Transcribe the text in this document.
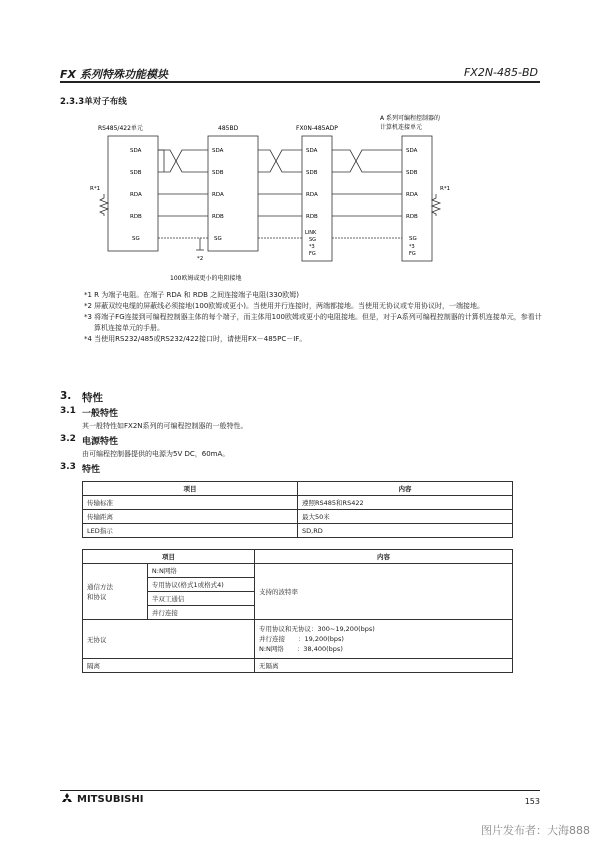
FX 系列特殊功能模块	FX2N-485-BD
2.3.3单对子布线
RS485/422单元	485BD	FX0N-485ADP
A 系列可编程控制器的
计算机连接单元
SDA
SDB
RDA
RDB
SG
SDA
SDB
RDA
RDB
SG
SDA
SDB
RDA
RDB
LINK
SG
*3
FG
SDA
SDB
RDA
RDB
SG
*3
FG
R*1	R*1
*2
100欧姆或更小的电阻接地

*1 R 为端子电阻。在端子 RDA 和 RDB 之间连接端子电阻(330欧姆)

*2 屏蔽双绞电缆的屏蔽线必须接地(100欧姆或更小)。当使用并行连接时，两端都接地。当使用无协议或专用协议时，一端接地。

*3 将端子FG连接到可编程控制器主体的每个端子，而主体用100欧姆或更小的电阻接地。但是，对于A系列可编程控制器的计算机连接单元，参看计算机连接单元的手册。

*4 当使用RS232/485或RS232/422接口时，请使用FX－485PC－IF。

3. 特性
3.1 一般特性
其一般特性如FX2N系列的可编程控制器的一般特性。
3.2 电源特性
由可编程控制器提供的电源为5V DC，60mA。
3.3 特性
项目	内容
传输标准	遵照RS485和RS422
传输距离	最大50米
LED指示	SD,RD
项目		内容

通信方法
和协议	N:N网络	支持的波特率
	专用协议(格式1或格式4)	
	半双工通信	
	并行连接	
无协议		专用协议和无协议：300~19,200(bps)
并行连接　　：19,200(bps)
N:N网络　　：38,400(bps)

隔离		无隔离
MITSUBISHI	153
图片发布者：大海888
